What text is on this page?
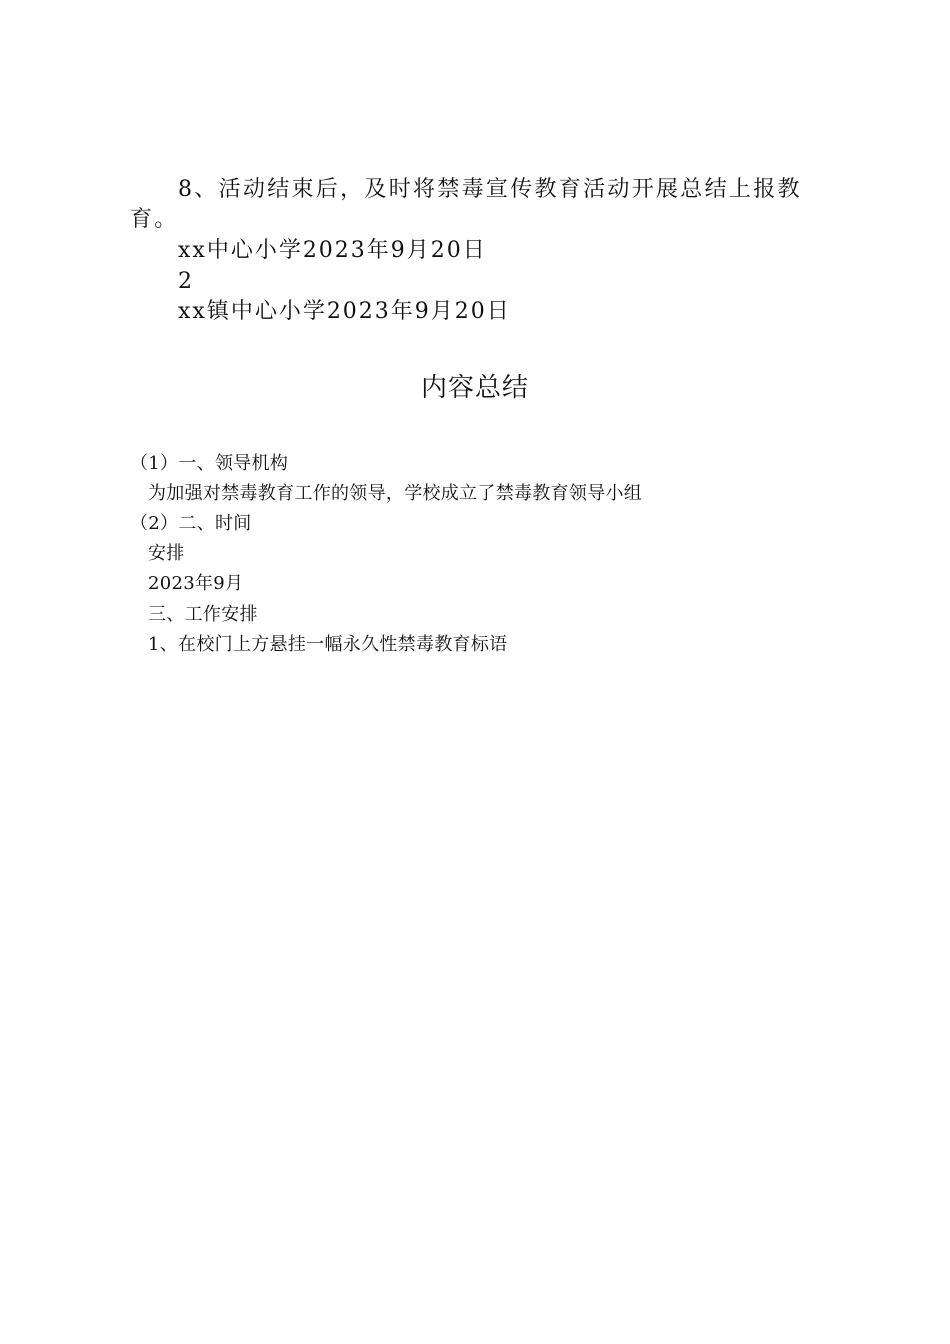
8、活动结束后，及时将禁毒宣传教育活动开展总结上报教育。
xx中心小学2023年9月20日
2
xx镇中心小学2023年9月20日
内容总结
（1）一、领导机构
为加强对禁毒教育工作的领导，学校成立了禁毒教育领导小组
（2）二、时间
安排
2023年9月
三、工作安排
1、在校门上方悬挂一幅永久性禁毒教育标语
